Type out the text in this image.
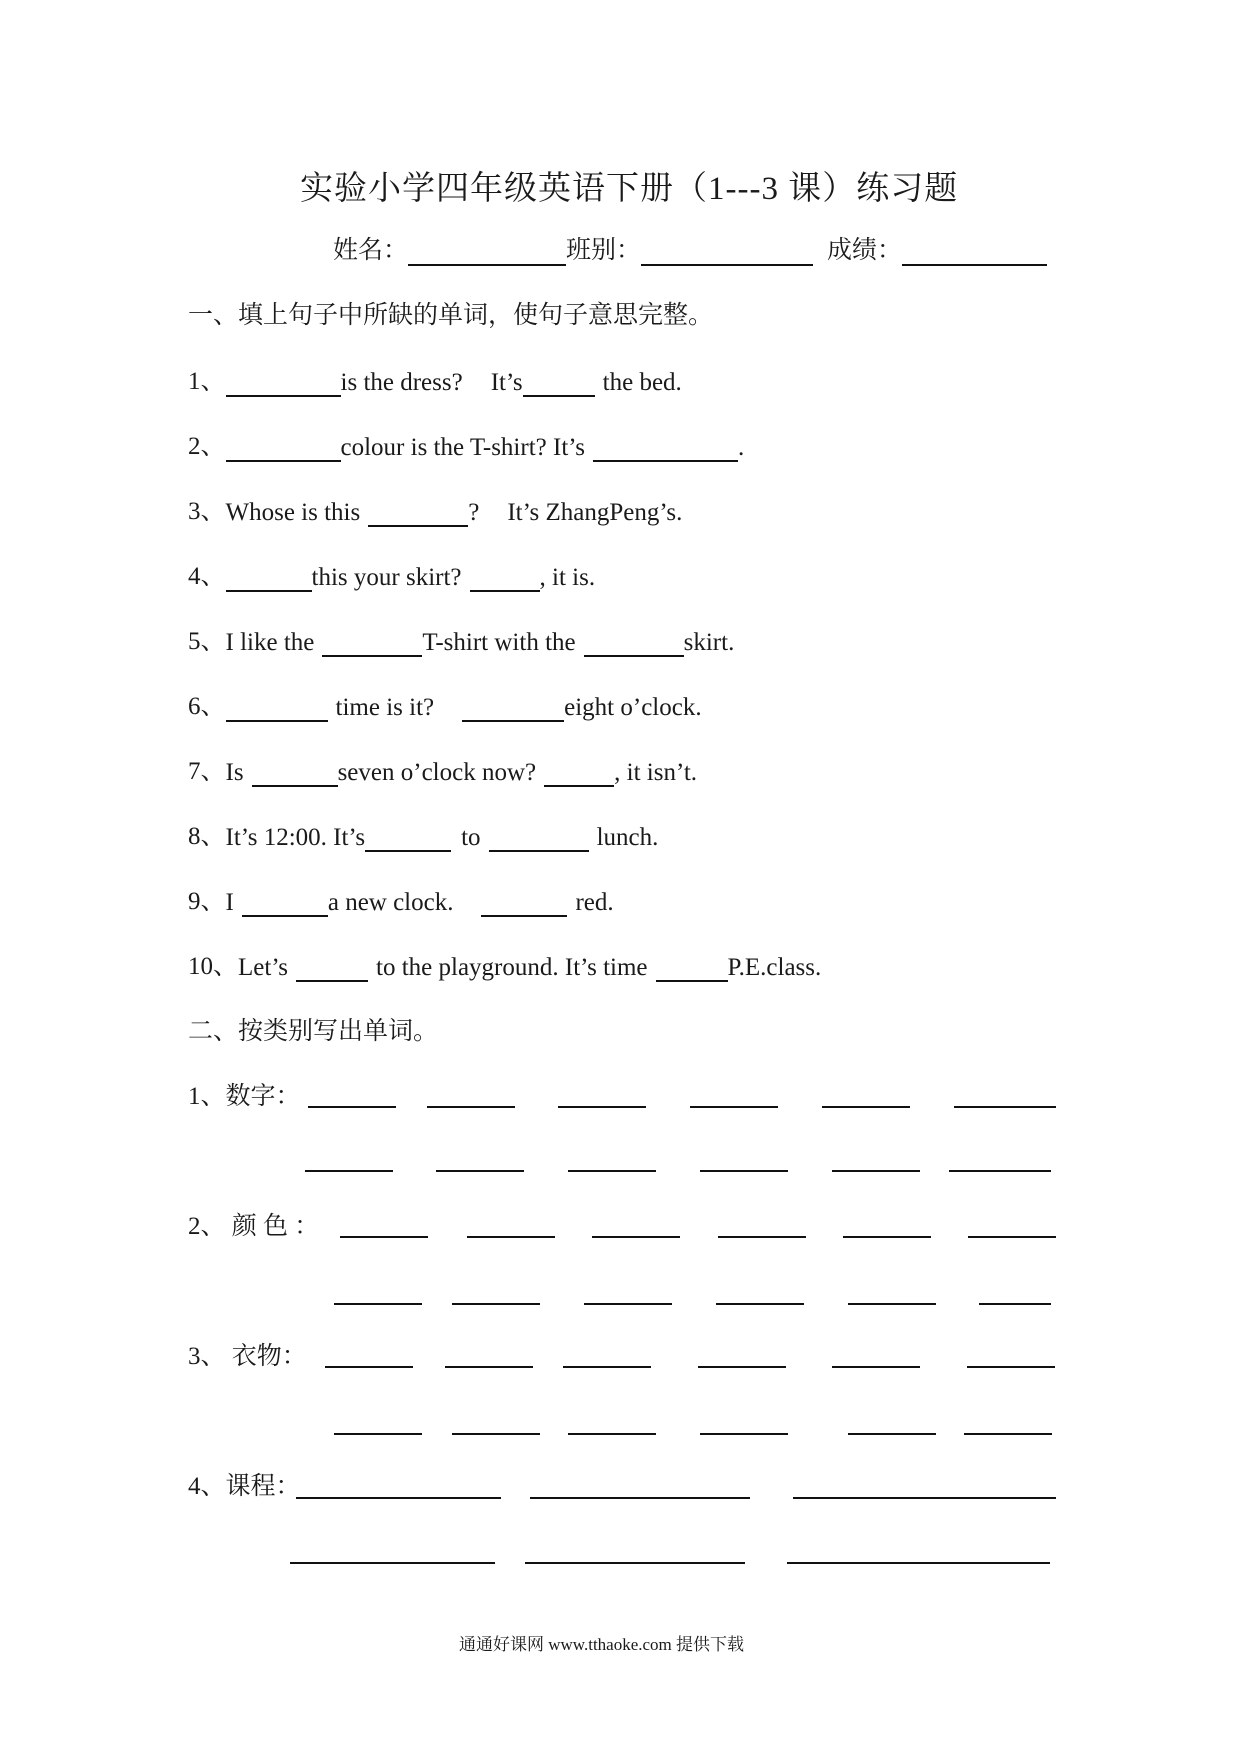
实验小学四年级英语下册（1---3 课）练习题
姓名：	班别：	成绩：
一、填上句子中所缺的单词，使句子意思完整。
1、	is the dress? It’s	the bed.
2、	colour is the T-shirt? It’s	.
3、 Whose is this	? It’s ZhangPeng’s.
4、	this your skirt?	, it is.
5、 I like the	T-shirt with the	skirt.
6、	time is it?	eight o’clock.
7、 Is	seven o’clock now?	, it isn’t.
8、 It’s 12:00. It’s	to	lunch.
9、 I	a new clock.	red.
10、 Let’s	to the playground. It’s time	P.E.class.
二、按类别写出单词。
1、数字：
2、 颜 色 ：
3、 衣物：
4、课程：
通通好课网 www.tthaoke.com 提供下载
